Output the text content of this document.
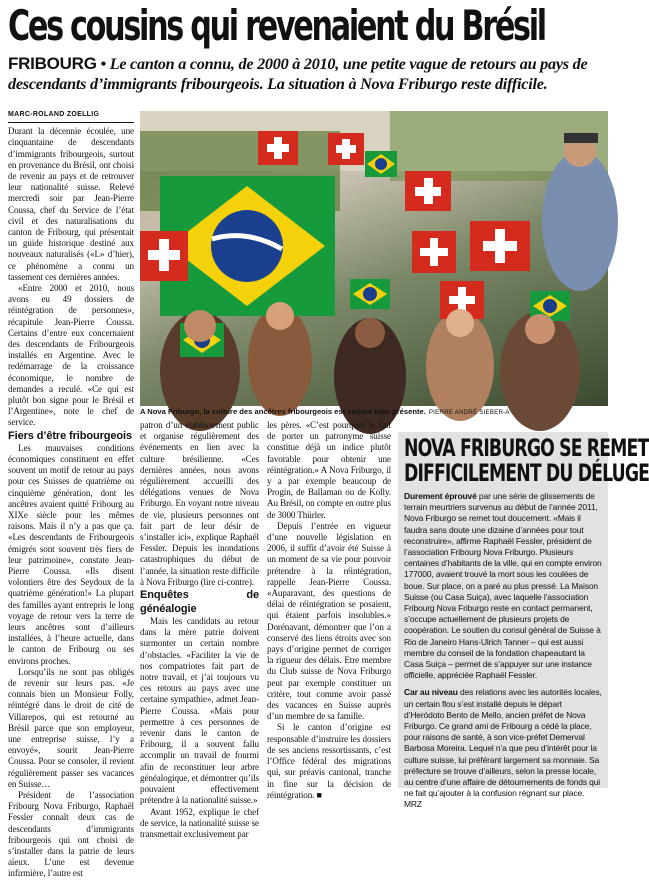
Ces cousins qui revenaient du Brésil
FRIBOURG • Le canton a connu, de 2000 à 2010, une petite vague de retours au pays de descendants d’immigrants fribourgeois. La situation à Nova Friburgo reste difficile.
MARC-ROLAND ZOELLIG

Durant la décennie écoulée, une cinquantaine de descendants d’immigrants fribourgeois, surtout en provenance du Brésil, ont choisi de revenir au pays et de retrouver leur nationalité suisse. Relevé mercredi soir par Jean-Pierre Coussa, chef du Service de l’état civil et des naturalisations du canton de Fribourg, qui présentait un guide historique destiné aux nouveaux naturalisés («L» d’hier), ce phénomène a connu un tassement ces dernières années.

«Entre 2000 et 2010, nous avons eu 49 dossiers de réintégration de personnes», récapitule Jean-Pierre Coussa. Certains d’entre eux concernaient des descendants de Fribourgeois installés en Argentine. Avec le redémarrage de la croissance économique, le nombre de demandes a reculé. «Ce qui est plutôt bon signe pour le Brésil et l’Argentine», note le chef de service.

Fiers d’être fribourgeois

Les mauvaises conditions économiques constituent en effet souvent un motif de retour au pays pour ces Suisses de quatrième ou cinquième génération, dont les ancêtres avaient quitté Fribourg au XIXe siècle pour les mêmes raisons. Mais il n’y a pas que ça. «Les descendants de Fribourgeois émigrés sont souvent très fiers de leur patrimoine», constate Jean-Pierre Coussa. «Ils disent volontiers être des Seydoux de la quatrième génération!» La plupart des familles ayant entrepris le long voyage de retour vers la terre de leurs ancêtres sont d’ailleurs installées, à l’heure actuelle, dans le canton de Fribourg ou ses environs proches.

Lorsqu’ils ne sont pas obligés de revenir sur leurs pas. «Je connais bien un Monsieur Folly, réintégré dans le droit de cité de Villarepos, qui est retourné au Brésil parce que son employeur, une entreprise suisse, l’y a envoyé», sourit Jean-Pierre Coussa. Pour se consoler, il revient régulièrement passer ses vacances en Suisse…

Président de l’association Fribourg Nova Friburgo, Raphaël Fessler connaît deux cas de descendants d’immigrants fribourgeois qui ont choisi de s’installer dans la patrie de leurs aïeux. L’une est devenue infirmière, l’autre est

A Nova Friburgo, la culture des ancêtres fribourgeois est encore bien présente. PIERRE ANDRÉ SIEBER-A

patron d’un établissement public et organise régulièrement des événements en lien avec la culture brésilienne. «Ces dernières années, nous avons régulièrement accueilli des délégations venues de Nova Friburgo. En voyant notre niveau de vie, plusieurs personnes ont fait part de leur désir de s’installer ici», explique Raphaël Fessler. Depuis les inondations catastrophiques du début de l’année, la situation reste difficile à Nova Friburgo (lire ci-contre).

Enquêtes de généalogie

Mais les candidats au retour dans la mère patrie doivent surmonter un certain nombre d’obstacles. «Faciliter la vie de nos compatriotes fait part de notre travail, et j’ai toujours vu ces retours au pays avec une certaine sympathie», admet Jean-Pierre Coussa. «Mais pour permettre à ces personnes de revenir dans le canton de Fribourg, il a souvent fallu accomplir un travail de fourmi afin de reconstituer leur arbre généalogique, et démontrer qu’ils pouvaient effectivement prétendre à la nationalité suisse.»

Avant 1952, explique le chef de service, la nationalité suisse se transmettait exclusivement par

les pères. «C’est pourquoi le fait de porter un patronyme suisse constitue déjà un indice plutôt favorable pour obtenir une réintégration.» A Nova Friburgo, il y a par exemple beaucoup de Progin, de Ballaman ou de Kolly. Au Brésil, on compte en outre plus de 3000 Thürler.

Depuis l’entrée en vigueur d’une nouvelle législation en 2006, il suffit d’avoir été Suisse à un moment de sa vie pour pouvoir prétendre à la réintégration, rappelle Jean-Pierre Coussa. «Auparavant, des questions de délai de réintégration se posaient, qui étaient parfois insolubles.» Dorénavant, démontrer que l’on a conservé des liens étroits avec son pays d’origine permet de corriger la rigueur des délais. Etre membre du Club suisse de Nova Friburgo peut par exemple constituer un critère, tout comme avoir passé des vacances en Suisse auprès d’un membre de sa famille.

Si le canton d’origine est responsable d’instruire les dossiers de ses anciens ressortissants, c’est l’Office fédéral des migrations qui, sur préavis cantonal, tranche in fine sur la décision de réintégration. ■

NOVA FRIBURGO SE REMET
DIFFICILEMENT DU DÉLUGE

Durement éprouvé par une série de glissements de terrain meurtriers survenus au début de l’année 2011, Nova Friburgo se remet tout doucement. «Mais il faudra sans doute une dizaine d’années pour tout reconstruire», affirme Raphaël Fessler, président de l’association Fribourg Nova Friburgo. Plusieurs centaines d’habitants de la ville, qui en compte environ 177000, avaient trouvé la mort sous les coulées de boue. Sur place, on a paré au plus pressé. La Maison Suisse (ou Casa Suiça), avec laquelle l’association Fribourg Nova Friburgo reste en contact permanent, s’occupe actuellement de plusieurs projets de coopération. Le soutien du consul général de Suisse à Rio de Janeiro Hans-Ulrich Tanner – qui est aussi membre du conseil de la fondation chapeautant la Casa Suiça – permet de s’appuyer sur une instance officielle, appréciée Raphaël Fessler.

Car au niveau des relations avec les autorités locales, un certain flou s’est installé depuis le départ d’Heródoto Bento de Mello, ancien préfet de Nova Friburgo. Ce grand ami de Fribourg a cédé la place, pour raisons de santé, à son vice-préfet Demerval Barbosa Moreira. Lequel n’a que peu d’intérêt pour la culture suisse, lui préférant largement sa monnaie. Sa préfecture se trouve d’ailleurs, selon la presse locale, au centre d’une affaire de détournements de fonds qui ne fait qu’ajouter à la confusion régnant sur place. MRZ
